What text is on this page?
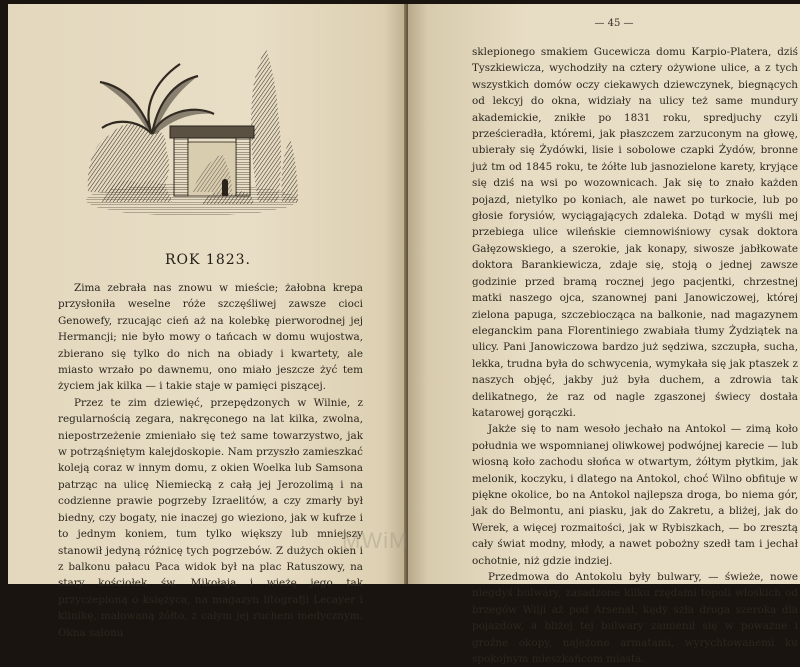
ROK 1823.

Zima zebrała nas znowu w mieście; żałobna krepa przysłoniła weselne róże szczęśliwej zawsze cioci Genowefy, rzucając cień aż na kolebkę pierworodnej jej Hermancji; nie było mowy o tańcach w domu wujostwa, zbierano się tylko do nich na obiady i kwartety, ale miasto wrzało po dawnemu, ono miało jeszcze żyć tem życiem jak kilka — i takie staje w pamięci piszącej.

Przez te zim dziewięć, przepędzonych w Wilnie, z regularnością zegara, nakręconego na lat kilka, zwolna, niepostrzeżenie zmieniało się też same towarzystwo, jak w potrząśniętym kalejdoskopie. Nam przyszło zamieszkać koleją coraz w innym domu, z okien Woelka lub Samsona patrząc na ulicę Niemiecką z całą jej Jerozolimą i na codzienne prawie pogrzeby Izraelitów, a czy zmarły był biedny, czy bogaty, nie inaczej go wieziono, jak w kufrze i to jednym koniem, tum tylko większy lub mniejszy stanowił jedyną różnicę tych pogrzebów. Z dużych okien i z balkonu pałacu Paca widok był na plac Ratuszowy, na stary kościołek św. Mikołaja i wieżę jego tak przyczepioną o księżyca, na magazyn litografji Lecayer i klinikę, malowaną żółto, z całym jej ruchem medycznym. Okna salonu

— 45 —

sklepionego smakiem Gucewicza domu Karpio-Platera, dziś Tyszkiewicza, wychodziły na cztery ożywione ulice, a z tych wszystkich domów oczy ciekawych dziewczynek, biegnących od lekcyj do okna, widziały na ulicy też same mundury akademickie, znikłe po 1831 roku, spredjuchy czyli prześcieradła, któremi, jak płaszczem zarzuconym na głowę, ubierały się Żydówki, lisie i sobolowe czapki Żydów, bronne już tm od 1845 roku, te żółte lub jasnozielone karety, kryjące się dziś na wsi po wozownicach. Jak się to znało każden pojazd, nietylko po koniach, ale nawet po turkocie, lub po głosie forysiów, wyciągających zdaleka. Dotąd w myśli mej przebiega ulice wileńskie ciemnowiśniowy cysak doktora Gałęzowskiego, a szerokie, jak konapy, siwosze jabłkowate doktora Barankiewicza, zdaje się, stoją o jednej zawsze godzinie przed bramą rocznej jego pacjentki, chrzestnej matki naszego ojca, szanownej pani Janowiczowej, której zielona papuga, szczebiocząca na balkonie, nad magazynem eleganckim pana Florentiniego zwabiała tłumy Żydziątek na ulicy. Pani Janowiczowa bardzo już sędziwa, szczupła, sucha, lekka, trudna była do schwycenia, wymykała się jak ptaszek z naszych objęć, jakby już była duchem, a zdrowia tak delikatnego, że raz od nagle zgaszonej świecy dostała katarowej gorączki.

Jakże się to nam wesoło jechało na Antokol — zimą koło południa we wspomnianej oliwkowej podwójnej karecie — lub wiosną koło zachodu słońca w otwartym, żółtym płytkim, jak melonik, koczyku, i dlatego na Antokol, choć Wilno obfituje w piękne okolice, bo na Antokol najlepsza droga, bo niema gór, jak do Belmontu, ani piasku, jak do Zakretu, a bliżej, jak do Werek, a więcej rozmaitości, jak w Rybiszkach, — bo zresztą cały świat modny, młody, a nawet pobożny szedł tam i jechał ochotnie, niż gdzie indziej.

Przedmowa do Antokolu były bulwary, — świeże, nowe niegdyś bulwary, zasadzone kilku rzędami topoli włoskich od brzegów Wilji aż pod Arsenał, kędy szła droga szeroka dla pojazdów, a bliżej tej bulwary zamienił się w poważne i groźne okopy, najeżone armatami, wyrychtowanemi ku spokojnym mieszkańcom miasta.

MWiM
